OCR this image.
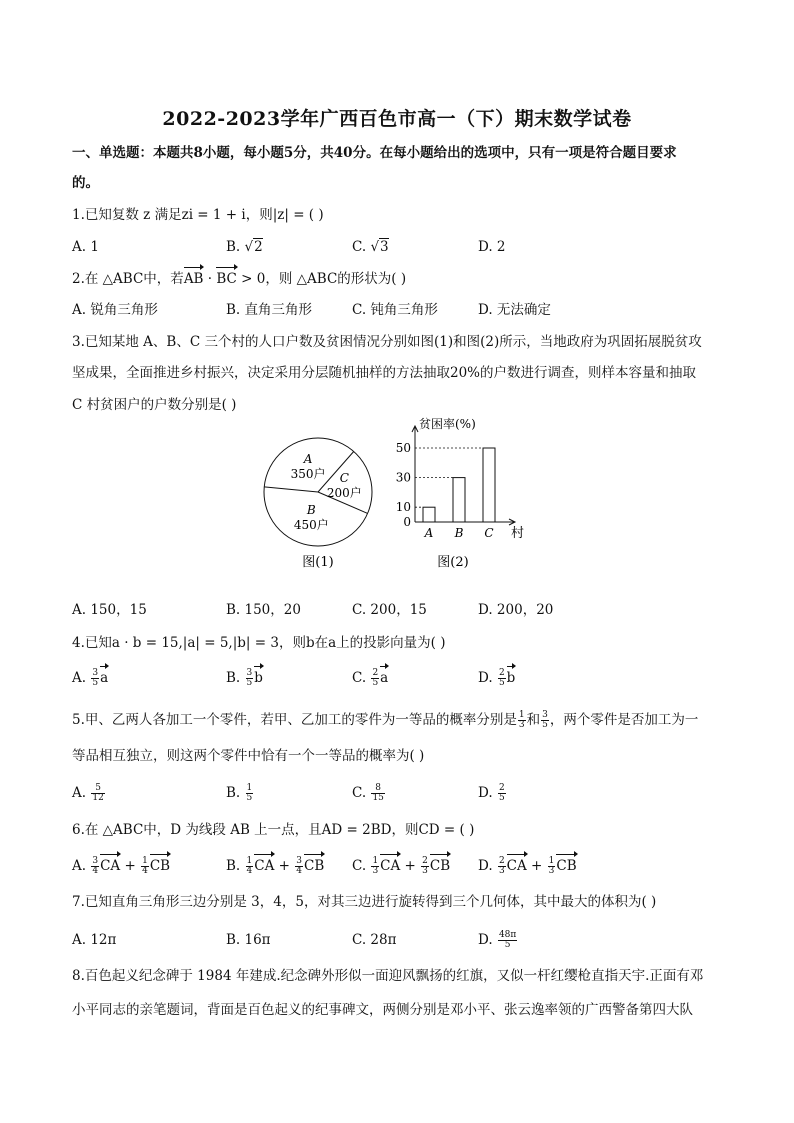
2022-2023学年广西百色市高一（下）期末数学试卷
一、单选题：本题共8小题，每小题5分，共40分。在每小题给出的选项中，只有一项是符合题目要求
的。
1.已知复数 z 满足zi = 1 + i，则|z| = ( )
A. 1	B. √2	C. √3	D. 2
2.在 △ABC中，若AB · BC > 0，则 △ABC的形状为( )
A. 锐角三角形	B. 直角三角形	C. 钝角三角形	D. 无法确定
3.已知某地 A、B、C 三个村的人口户数及贫困情况分别如图(1)和图(2)所示，当地政府为巩固拓展脱贫攻
坚成果，全面推进乡村振兴，决定采用分层随机抽样的方法抽取20%的户数进行调查，则样本容量和抽取
C 村贫困户的户数分别是( )
A
350户
B
450户
C
200户
图(1)
贫困率(%)
村
0
10
30
50
A B C
图(2)
A. 150，15	B. 150，20	C. 200，15	D. 200，20
4.已知a · b = 15,|a| = 5,|b| = 3，则b在a上的投影向量为( )
A. $\frac{3}{5}$ a	B. $\frac{3}{5}$ b	C. $\frac{2}{5}$ a	D. $\frac{2}{5}$ b
5.甲、乙两人各加工一个零件，若甲、乙加工的零件为一等品的概率分别是 $\frac{1}{3}$ 和 $\frac{3}{5}$ ，两个零件是否加工为一
等品相互独立，则这两个零件中恰有一个一等品的概率为( )
A. $\frac{5}{12}$	B. $\frac{1}{5}$	C. $\frac{8}{15}$	D. $\frac{2}{5}$
6.在 △ABC中，D 为线段 AB 上一点，且AD = 2BD，则CD = ( )
A. $\frac{3}{4}$ CA + $\frac{1}{4}$ CB	B. $\frac{1}{4}$ CA + $\frac{3}{4}$ CB C. $\frac{1}{3}$ CA + $\frac{2}{3}$ CB D. $\frac{2}{3}$ CA + $\frac{1}{3}$ CB
7.已知直角三角形三边分别是 3，4，5，对其三边进行旋转得到三个几何体，其中最大的体积为( )
A. 12π	B. 16π	C. 28π	D. $\frac{48\pi}{5}$
8.百色起义纪念碑于 1984 年建成.纪念碑外形似一面迎风飘扬的红旗，又似一杆红缨枪直指天宇.正面有邓
小平同志的亲笔题词，背面是百色起义的纪事碑文，两侧分别是邓小平、张云逸率领的广西警备第四大队
